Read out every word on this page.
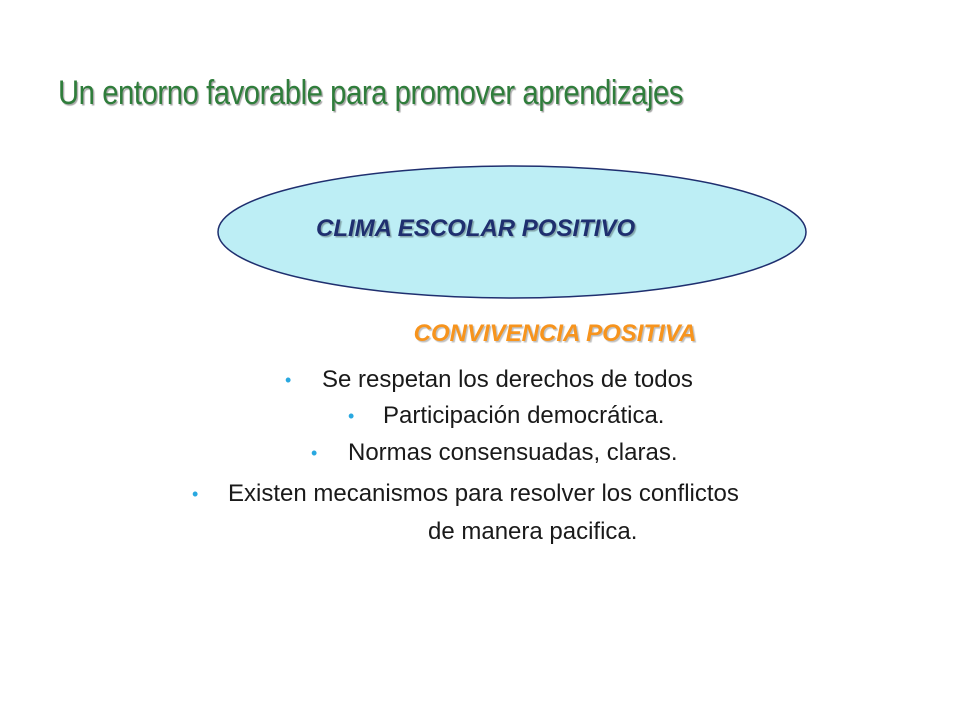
Un entorno favorable para promover aprendizajes
CLIMA ESCOLAR POSITIVO
CONVIVENCIA POSITIVA
• Se respetan los derechos de todos
• Participación democrática.
• Normas consensuadas, claras.
• Existen mecanismos para resolver los conflictos
de manera pacifica.
